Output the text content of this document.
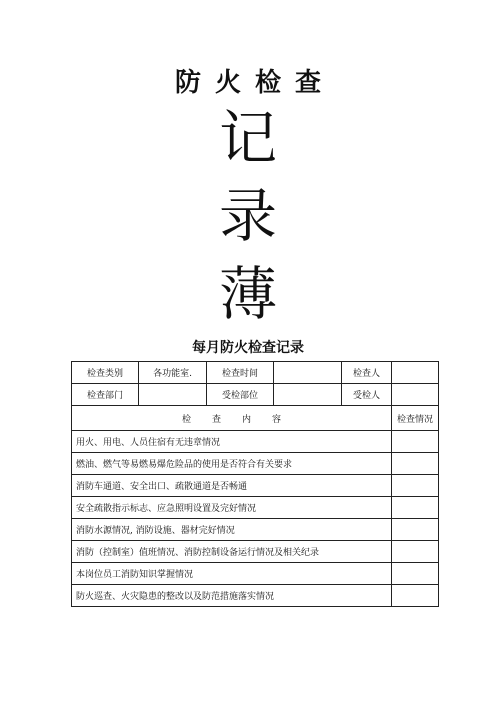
防火检查
记
录
薄
每月防火检查记录
检查类别	各功能室.	检查时间		检查人	
检查部门		受检部位		受检人	
检查内容					检查情况
用火、用电、人员住宿有无违章情况					
燃油、燃气等易燃易爆危险品的使用是否符合有关要求					
消防车通道、安全出口、疏散通道是否畅通					
安全疏散指示标志、应急照明设置及完好情况					
消防水源情况, 消防设施、器材完好情况					
消防（控制室）值班情况、消防控制设备运行情况及相关纪录					
本岗位员工消防知识掌握情况					
防火巡查、火灾隐患的整改以及防范措施落实情况					
